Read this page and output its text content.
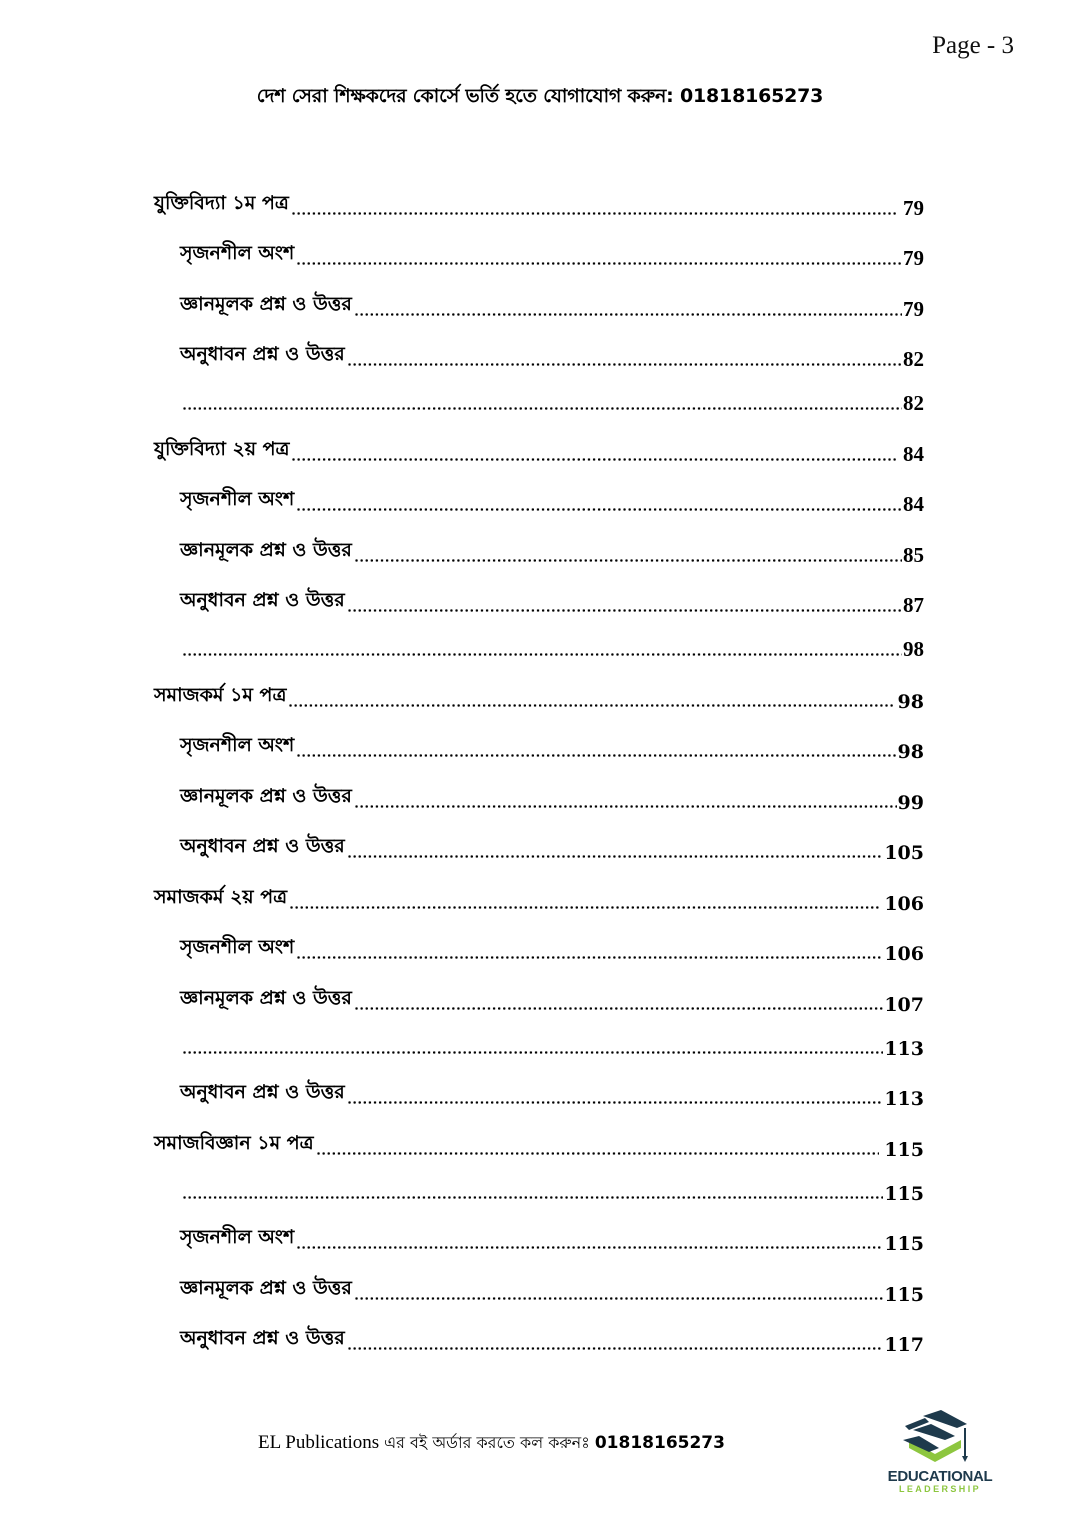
Page - 3
দেশ সেরা শিক্ষকদের কোর্সে ভর্তি হতে যোগাযোগ করুন: 01818165273
যুক্তিবিদ্যা ১ম পত্র	79
সৃজনশীল অংশ	79
জ্ঞানমূলক প্রশ্ন ও উত্তর	79
অনুধাবন প্রশ্ন ও উত্তর	82
82
যুক্তিবিদ্যা ২য় পত্র	84
সৃজনশীল অংশ	84
জ্ঞানমূলক প্রশ্ন ও উত্তর	85
অনুধাবন প্রশ্ন ও উত্তর	87
98
সমাজকর্ম ১ম পত্র	98
সৃজনশীল অংশ	98
জ্ঞানমূলক প্রশ্ন ও উত্তর	99
অনুধাবন প্রশ্ন ও উত্তর	105
সমাজকর্ম ২য় পত্র	106
সৃজনশীল অংশ	106
জ্ঞানমূলক প্রশ্ন ও উত্তর	107
113
অনুধাবন প্রশ্ন ও উত্তর	113
সমাজবিজ্ঞান ১ম পত্র	115
115
সৃজনশীল অংশ	115
জ্ঞানমূলক প্রশ্ন ও উত্তর	115
অনুধাবন প্রশ্ন ও উত্তর	117
EL Publications এর বই অর্ডার করতে কল করুনঃ 01818165273
EDUCATIONAL
LEADERSHIP
